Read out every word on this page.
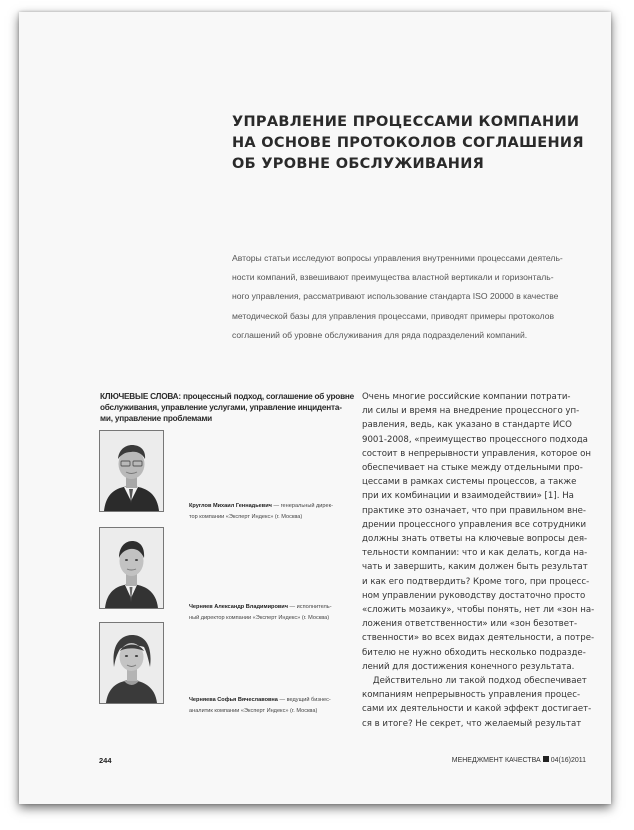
УПРАВЛЕНИЕ ПРОЦЕССАМИ КОМПАНИИ
НА ОСНОВЕ ПРОТОКОЛОВ СОГЛАШЕНИЯ
ОБ УРОВНЕ ОБСЛУЖИВАНИЯ
Авторы статьи исследуют вопросы управления внутренними процессами деятель-
ности компаний, взвешивают преимущества властной вертикали и горизонталь-
ного управления, рассматривают использование стандарта ISO 20000 в качестве
методической базы для управления процессами, приводят примеры протоколов
соглашений об уровне обслуживания для ряда подразделений компаний.
КЛЮЧЕВЫЕ СЛОВА: процессный подход, соглашение об уровне
обслуживания, управление услугами, управление инцидента-
ми, управление проблемами
Круглов Михаил Геннадьевич — генеральный дирек-
тор компании «Эксперт Индекс» (г. Москва)
Черняев Александр Владимирович — исполнитель-
ный директор компании «Эксперт Индекс» (г. Москва)
Черняева Софья Вячеславовна — ведущий бизнес-
аналитик компании «Эксперт Индекс» (г. Москва)
Очень многие российские компании потрати-
ли силы и время на внедрение процессного уп-
равления, ведь, как указано в стандарте ИСО
9001-2008, «преимущество процессного подхода
состоит в непрерывности управления, которое он
обеспечивает на стыке между отдельными про-
цессами в рамках системы процессов, а также
при их комбинации и взаимодействии» [1]. На
практике это означает, что при правильном вне-
дрении процессного управления все сотрудники
должны знать ответы на ключевые вопросы дея-
тельности компании: что и как делать, когда на-
чать и завершить, каким должен быть результат
и как его подтвердить? Кроме того, при процесс-
ном управлении руководству достаточно просто
«сложить мозаику», чтобы понять, нет ли «зон на-
ложения ответственности» или «зон безответ-
ственности» во всех видах деятельности, а потре-
бителю не нужно обходить несколько подразде-
лений для достижения конечного результата.
Действительно ли такой подход обеспечивает
компаниям непрерывность управления процес-
сами их деятельности и какой эффект достигает-
ся в итоге? Не секрет, что желаемый результат
244	МЕНЕДЖМЕНТ КАЧЕСТВА 04(16)2011
